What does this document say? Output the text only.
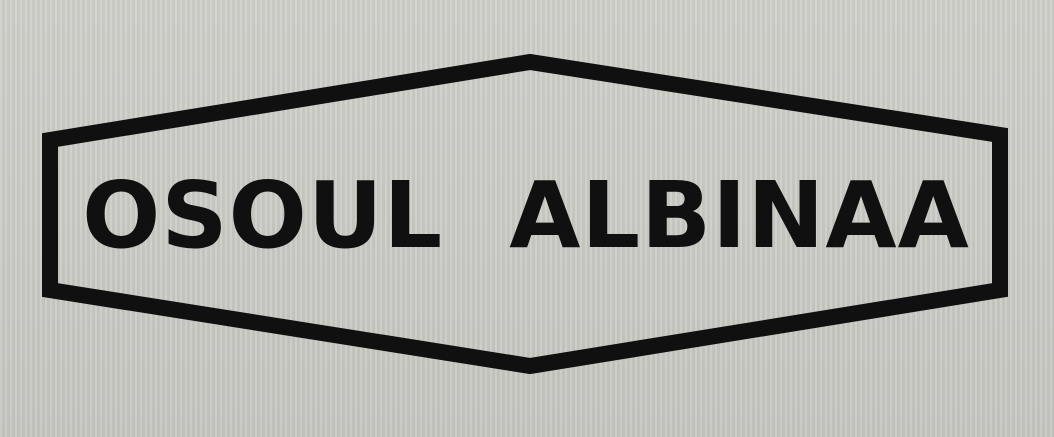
OSOUL  ALBINAA
